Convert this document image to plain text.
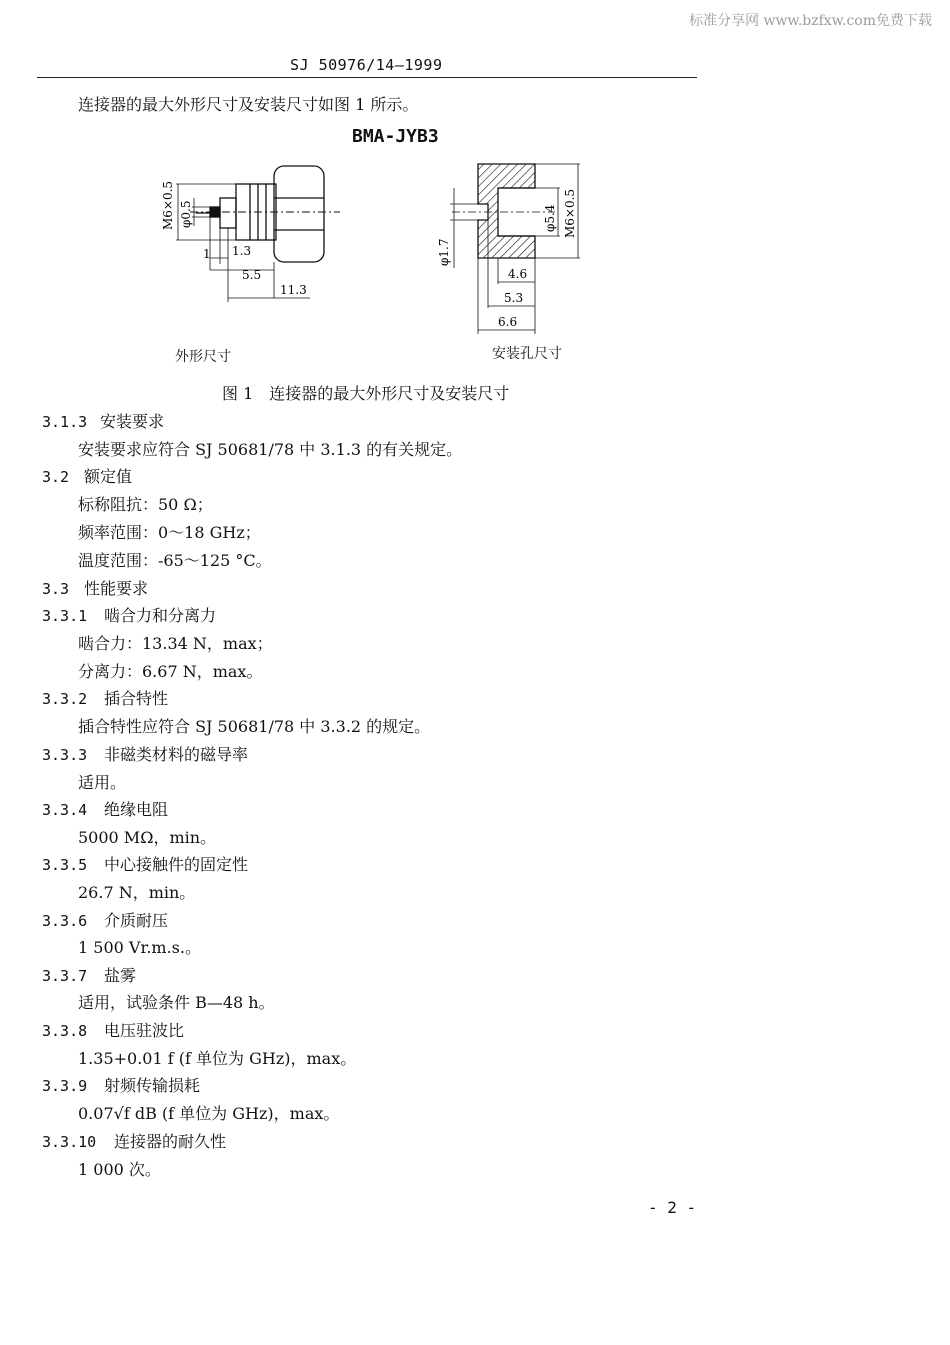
标准分享网 www.bzfxw.com免费下载
SJ 50976/14—1999
连接器的最大外形尺寸及安装尺寸如图 1 所示。
BMA-JYB3
M6×0.5 φ0.5
1 1.3
5.5
11.3
φ1.7
φ5.4 M6×0.5
4.6
5.3
6.6
外形尺寸	安装孔尺寸
图 1　连接器的最大外形尺寸及安装尺寸
3.1.3 安装要求
安装要求应符合 SJ 50681/78 中 3.1.3 的有关规定。
3.2 额定值
标称阻抗：50 Ω；
频率范围：0～18 GHz；
温度范围：-65～125 °C。
3.3 性能要求
3.3.1 啮合力和分离力
啮合力：13.34 N，max；
分离力：6.67 N，max。
3.3.2 插合特性
插合特性应符合 SJ 50681/78 中 3.3.2 的规定。
3.3.3 非磁类材料的磁导率
适用。
3.3.4 绝缘电阻
5000 MΩ，min。
3.3.5 中心接触件的固定性
26.7 N，min。
3.3.6 介质耐压
1 500 Vr.m.s.。
3.3.7 盐雾
适用，试验条件 B—48 h。
3.3.8 电压驻波比
1.35+0.01 f (f 单位为 GHz)，max。
3.3.9 射频传输损耗
0.07√f dB (f 单位为 GHz)，max。
3.3.10 连接器的耐久性
1 000 次。
- 2 -
